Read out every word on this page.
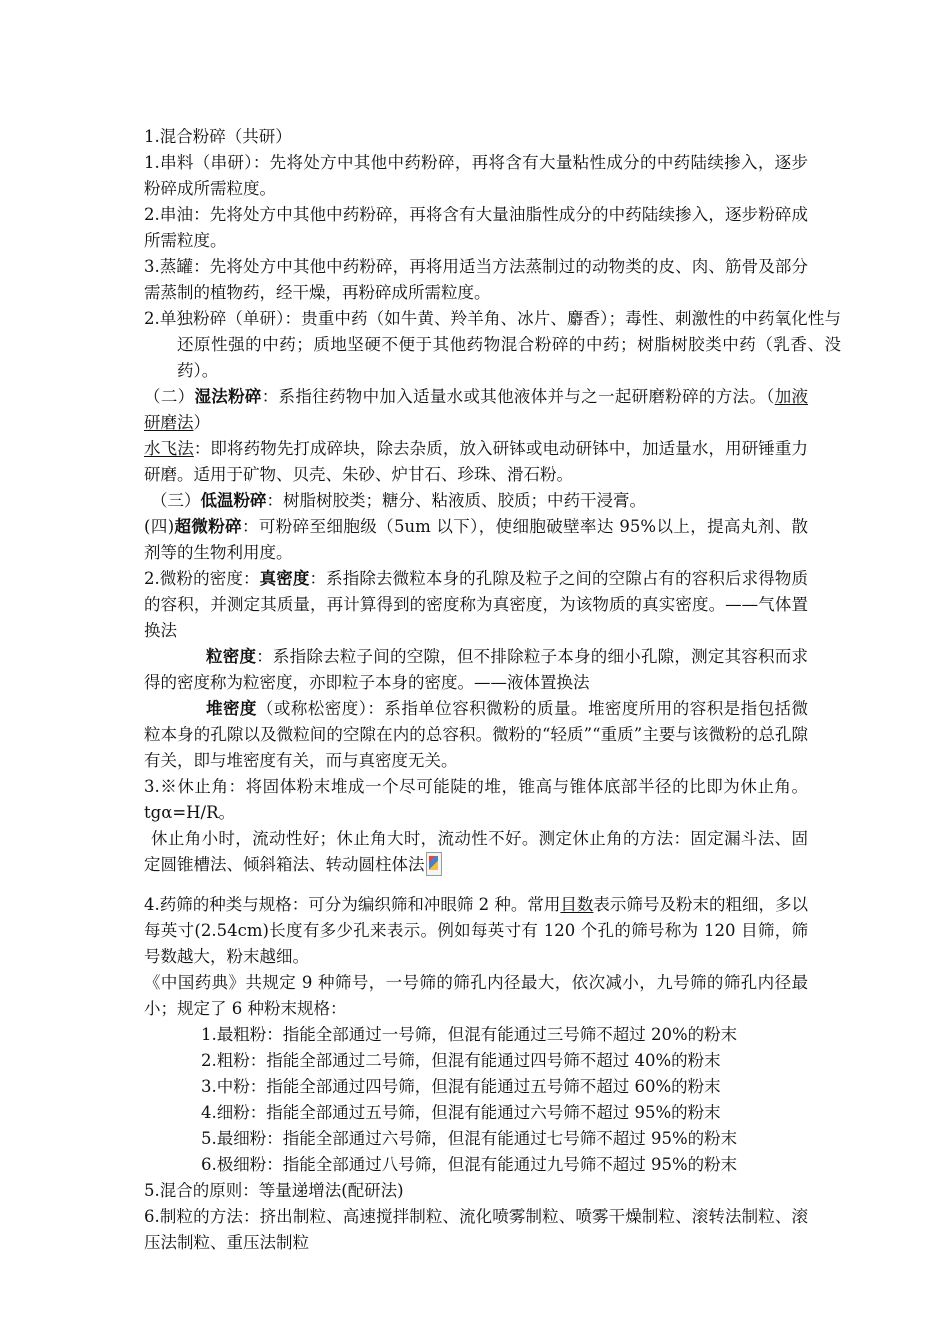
1.混合粉碎（共研）

1.串料（串研）：先将处方中其他中药粉碎，再将含有大量粘性成分的中药陆续掺入，逐步粉碎成所需粒度。

2.串油：先将处方中其他中药粉碎，再将含有大量油脂性成分的中药陆续掺入，逐步粉碎成所需粒度。

3.蒸罐：先将处方中其他中药粉碎，再将用适当方法蒸制过的动物类的皮、肉、筋骨及部分需蒸制的植物药，经干燥，再粉碎成所需粒度。

2.单独粉碎（单研）：贵重中药（如牛黄、羚羊角、冰片、麝香）；毒性、刺激性的中药氧化性与还原性强的中药；质地坚硬不便于其他药物混合粉碎的中药；树脂树胶类中药（乳香、没药）。

（二）湿法粉碎：系指往药物中加入适量水或其他液体并与之一起研磨粉碎的方法。（加液研磨法）

水飞法：即将药物先打成碎块，除去杂质，放入研钵或电动研钵中，加适量水，用研锤重力研磨。适用于矿物、贝壳、朱砂、炉甘石、珍珠、滑石粉。

（三）低温粉碎：树脂树胶类；糖分、粘液质、胶质；中药干浸膏。

(四)超微粉碎：可粉碎至细胞级（5um 以下），使细胞破壁率达 95%以上，提高丸剂、散剂等的生物利用度。

2.微粉的密度：真密度：系指除去微粒本身的孔隙及粒子之间的空隙占有的容积后求得物质的容积，并测定其质量，再计算得到的密度称为真密度，为该物质的真实密度。——气体置换法

粒密度：系指除去粒子间的空隙，但不排除粒子本身的细小孔隙，测定其容积而求得的密度称为粒密度，亦即粒子本身的密度。——液体置换法

堆密度（或称松密度）：系指单位容积微粉的质量。堆密度所用的容积是指包括微粒本身的孔隙以及微粒间的空隙在内的总容积。微粉的“轻质”“重质”主要与该微粉的总孔隙有关，即与堆密度有关，而与真密度无关。

3.※休止角：将固体粉末堆成一个尽可能陡的堆，锥高与锥体底部半径的比即为休止角。tgα=H/R。

休止角小时，流动性好；休止角大时，流动性不好。测定休止角的方法：固定漏斗法、固定圆锥槽法、倾斜箱法、转动圆柱体法

4.药筛的种类与规格：可分为编织筛和冲眼筛 2 种。常用目数表示筛号及粉末的粗细，多以每英寸(2.54cm)长度有多少孔来表示。例如每英寸有 120 个孔的筛号称为 120 目筛，筛号数越大，粉末越细。

《中国药典》共规定 9 种筛号，一号筛的筛孔内径最大，依次减小，九号筛的筛孔内径最小；规定了 6 种粉末规格：

1.最粗粉：指能全部通过一号筛，但混有能通过三号筛不超过 20%的粉末

2.粗粉：指能全部通过二号筛，但混有能通过四号筛不超过 40%的粉末

3.中粉：指能全部通过四号筛，但混有能通过五号筛不超过 60%的粉末

4.细粉：指能全部通过五号筛，但混有能通过六号筛不超过 95%的粉末

5.最细粉：指能全部通过六号筛，但混有能通过七号筛不超过 95%的粉末

6.极细粉：指能全部通过八号筛，但混有能通过九号筛不超过 95%的粉末

5.混合的原则：等量递增法(配研法)

6.制粒的方法：挤出制粒、高速搅拌制粒、流化喷雾制粒、喷雾干燥制粒、滚转法制粒、滚压法制粒、重压法制粒
